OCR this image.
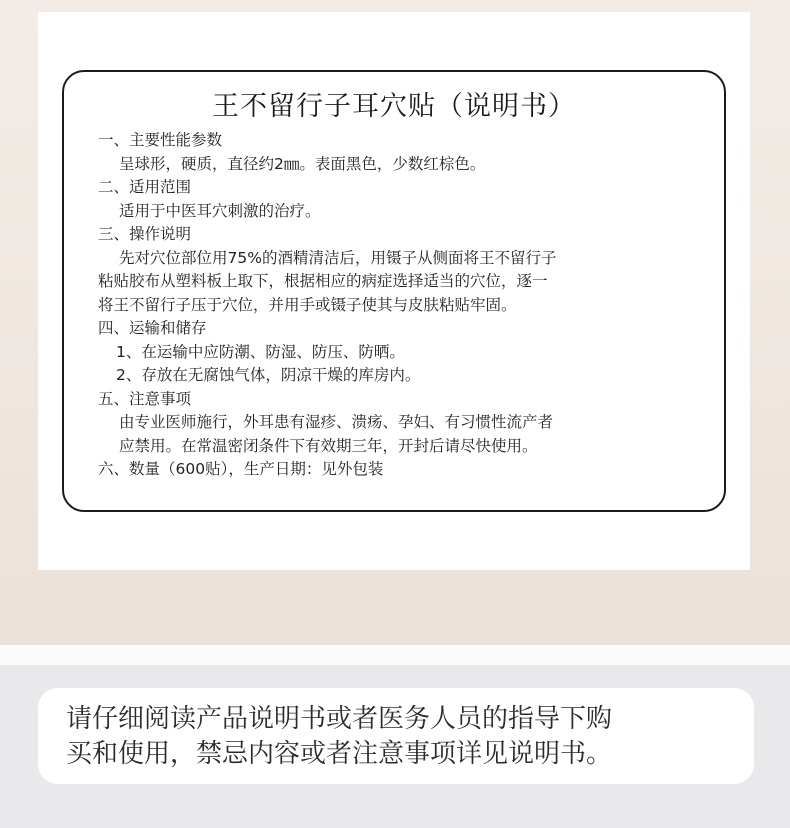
王不留行子耳穴贴（说明书）
一、主要性能参数
呈球形，硬质，直径约2㎜。表面黑色，少数红棕色。
二、适用范围
适用于中医耳穴刺激的治疗。
三、操作说明
先对穴位部位用75%的酒精清洁后，用镊子从侧面将王不留行子
粘贴胶布从塑料板上取下，根据相应的病症选择适当的穴位，逐一
将王不留行子压于穴位，并用手或镊子使其与皮肤粘贴牢固。
四、运输和储存
1、在运输中应防潮、防湿、防压、防晒。
2、存放在无腐蚀气体，阴凉干燥的库房内。
五、注意事项
由专业医师施行，外耳患有湿疹、溃疡、孕妇、有习惯性流产者
应禁用。在常温密闭条件下有效期三年，开封后请尽快使用。
六、数量（600贴），生产日期：见外包装
请仔细阅读产品说明书或者医务人员的指导下购
买和使用，禁忌内容或者注意事项详见说明书。
